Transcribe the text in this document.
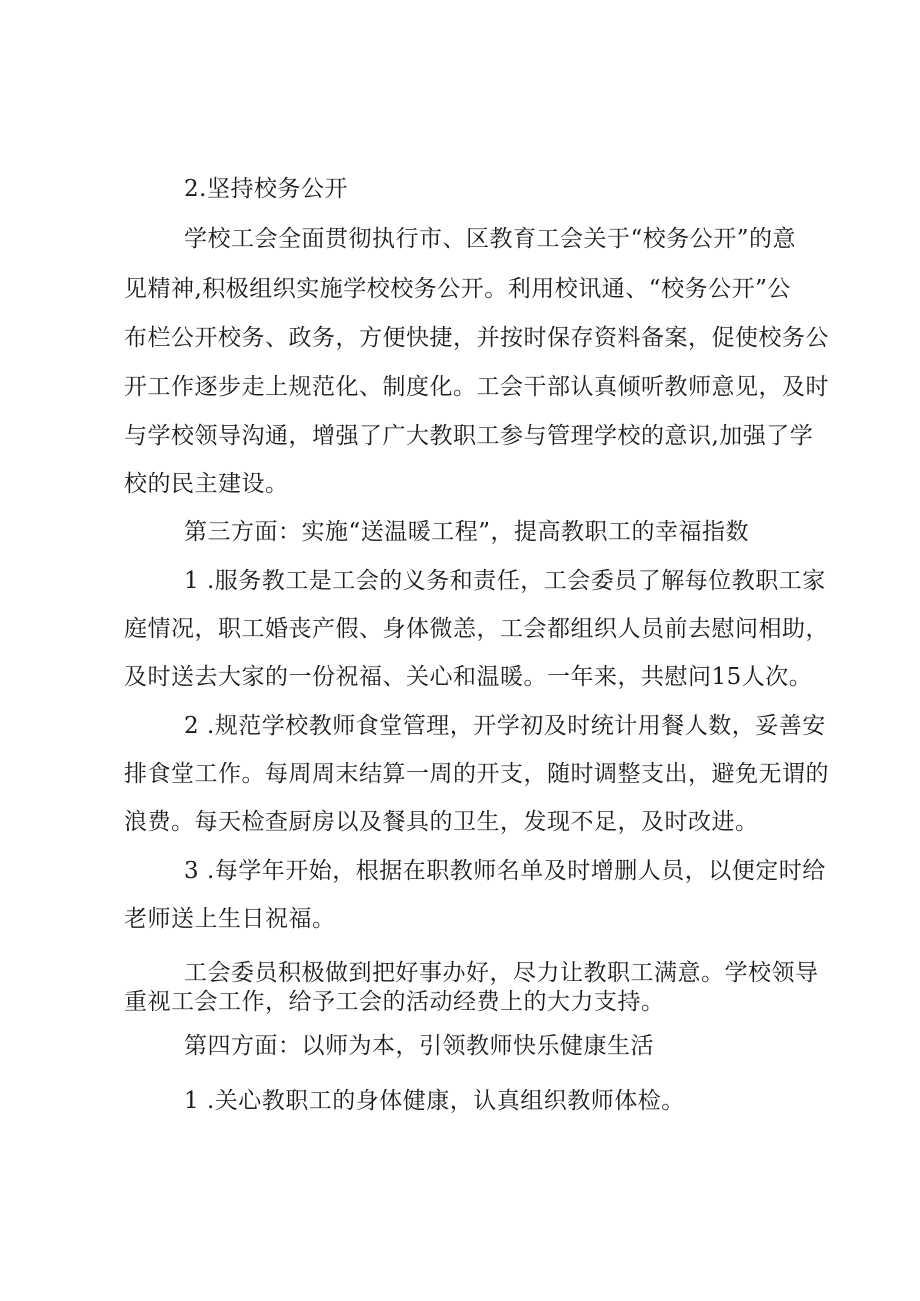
2.坚持校务公开
学校工会全面贯彻执行市、区教育工会关于“校务公开”的意
见精神,积极组织实施学校校务公开。利用校讯通、“校务公开”公
布栏公开校务、政务，方便快捷，并按时保存资料备案，促使校务公
开工作逐步走上规范化、制度化。工会干部认真倾听教师意见，及时
与学校领导沟通，增强了广大教职工参与管理学校的意识,加强了学
校的民主建设。
第三方面：实施“送温暖工程”，提高教职工的幸福指数
1 .服务教工是工会的义务和责任，工会委员了解每位教职工家
庭情况，职工婚丧产假、身体微恙，工会都组织人员前去慰问相助，
及时送去大家的一份祝福、关心和温暖。一年来，共慰问15人次。
2 .规范学校教师食堂管理，开学初及时统计用餐人数，妥善安
排食堂工作。每周周末结算一周的开支，随时调整支出，避免无谓的
浪费。每天检查厨房以及餐具的卫生，发现不足，及时改进。
3 .每学年开始，根据在职教师名单及时增删人员，以便定时给
老师送上生日祝福。
工会委员积极做到把好事办好，尽力让教职工满意。学校领导
重视工会工作，给予工会的活动经费上的大力支持。
第四方面：以师为本，引领教师快乐健康生活
1 .关心教职工的身体健康，认真组织教师体检。
